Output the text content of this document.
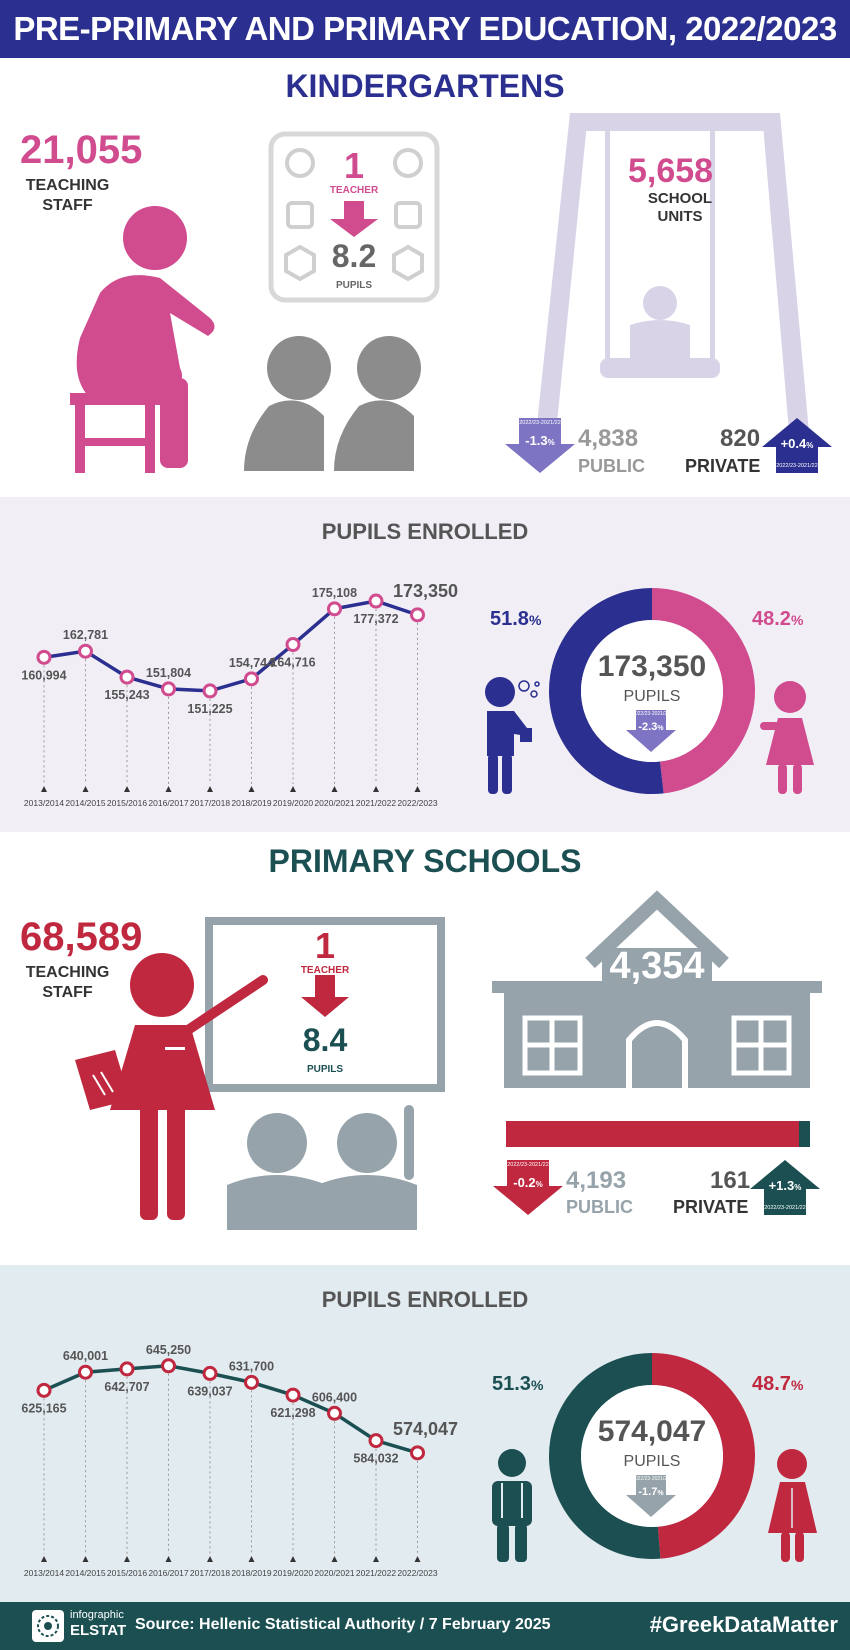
PRE-PRIMARY AND PRIMARY EDUCATION, 2022/2023
KINDERGARTENS
21,055
TEACHING
STAFF
1
TEACHER
8.2
PUPILS
5,658
SCHOOL
UNITS
2022/23-2021/22
-1.3% 4,838
PUBLIC
820
PRIVATE
+0.4%
2022/23-2021/22
PUPILS ENROLLED
2013/2014 2014/2015 2015/2016 2016/2017 2017/2018 2018/2019 2019/2020 2020/2021 2021/2022 2022/2023
160,994
162,781
155,243
151,804
151,225
154,744
164,716
175,108
177,372
173,350
173,350
PUPILS
2022/23-2021/22
-2.3%
51.8%	48.2%
PRIMARY SCHOOLS
68,589
TEACHING
STAFF
1
TEACHER
8.4
PUPILS
4,354
2022/23-2021/22
-0.2% 4,193
PUBLIC
161
PRIVATE
+1.3%
2022/23-2021/22
PUPILS ENROLLED
2013/2014 2014/2015 2015/2016 2016/2017 2017/2018 2018/2019 2019/2020 2020/2021 2021/2022 2022/2023
625,165
640,001
642,707
645,250
639,037
631,700
621,298
606,400
584,032
574,047	574,047
PUPILS
2022/23-2021/22
-1.7%
51.3%	48.7%
infographic
ELSTAT Source: Hellenic Statistical Authority / 7 February 2025	#GreekDataMatter
